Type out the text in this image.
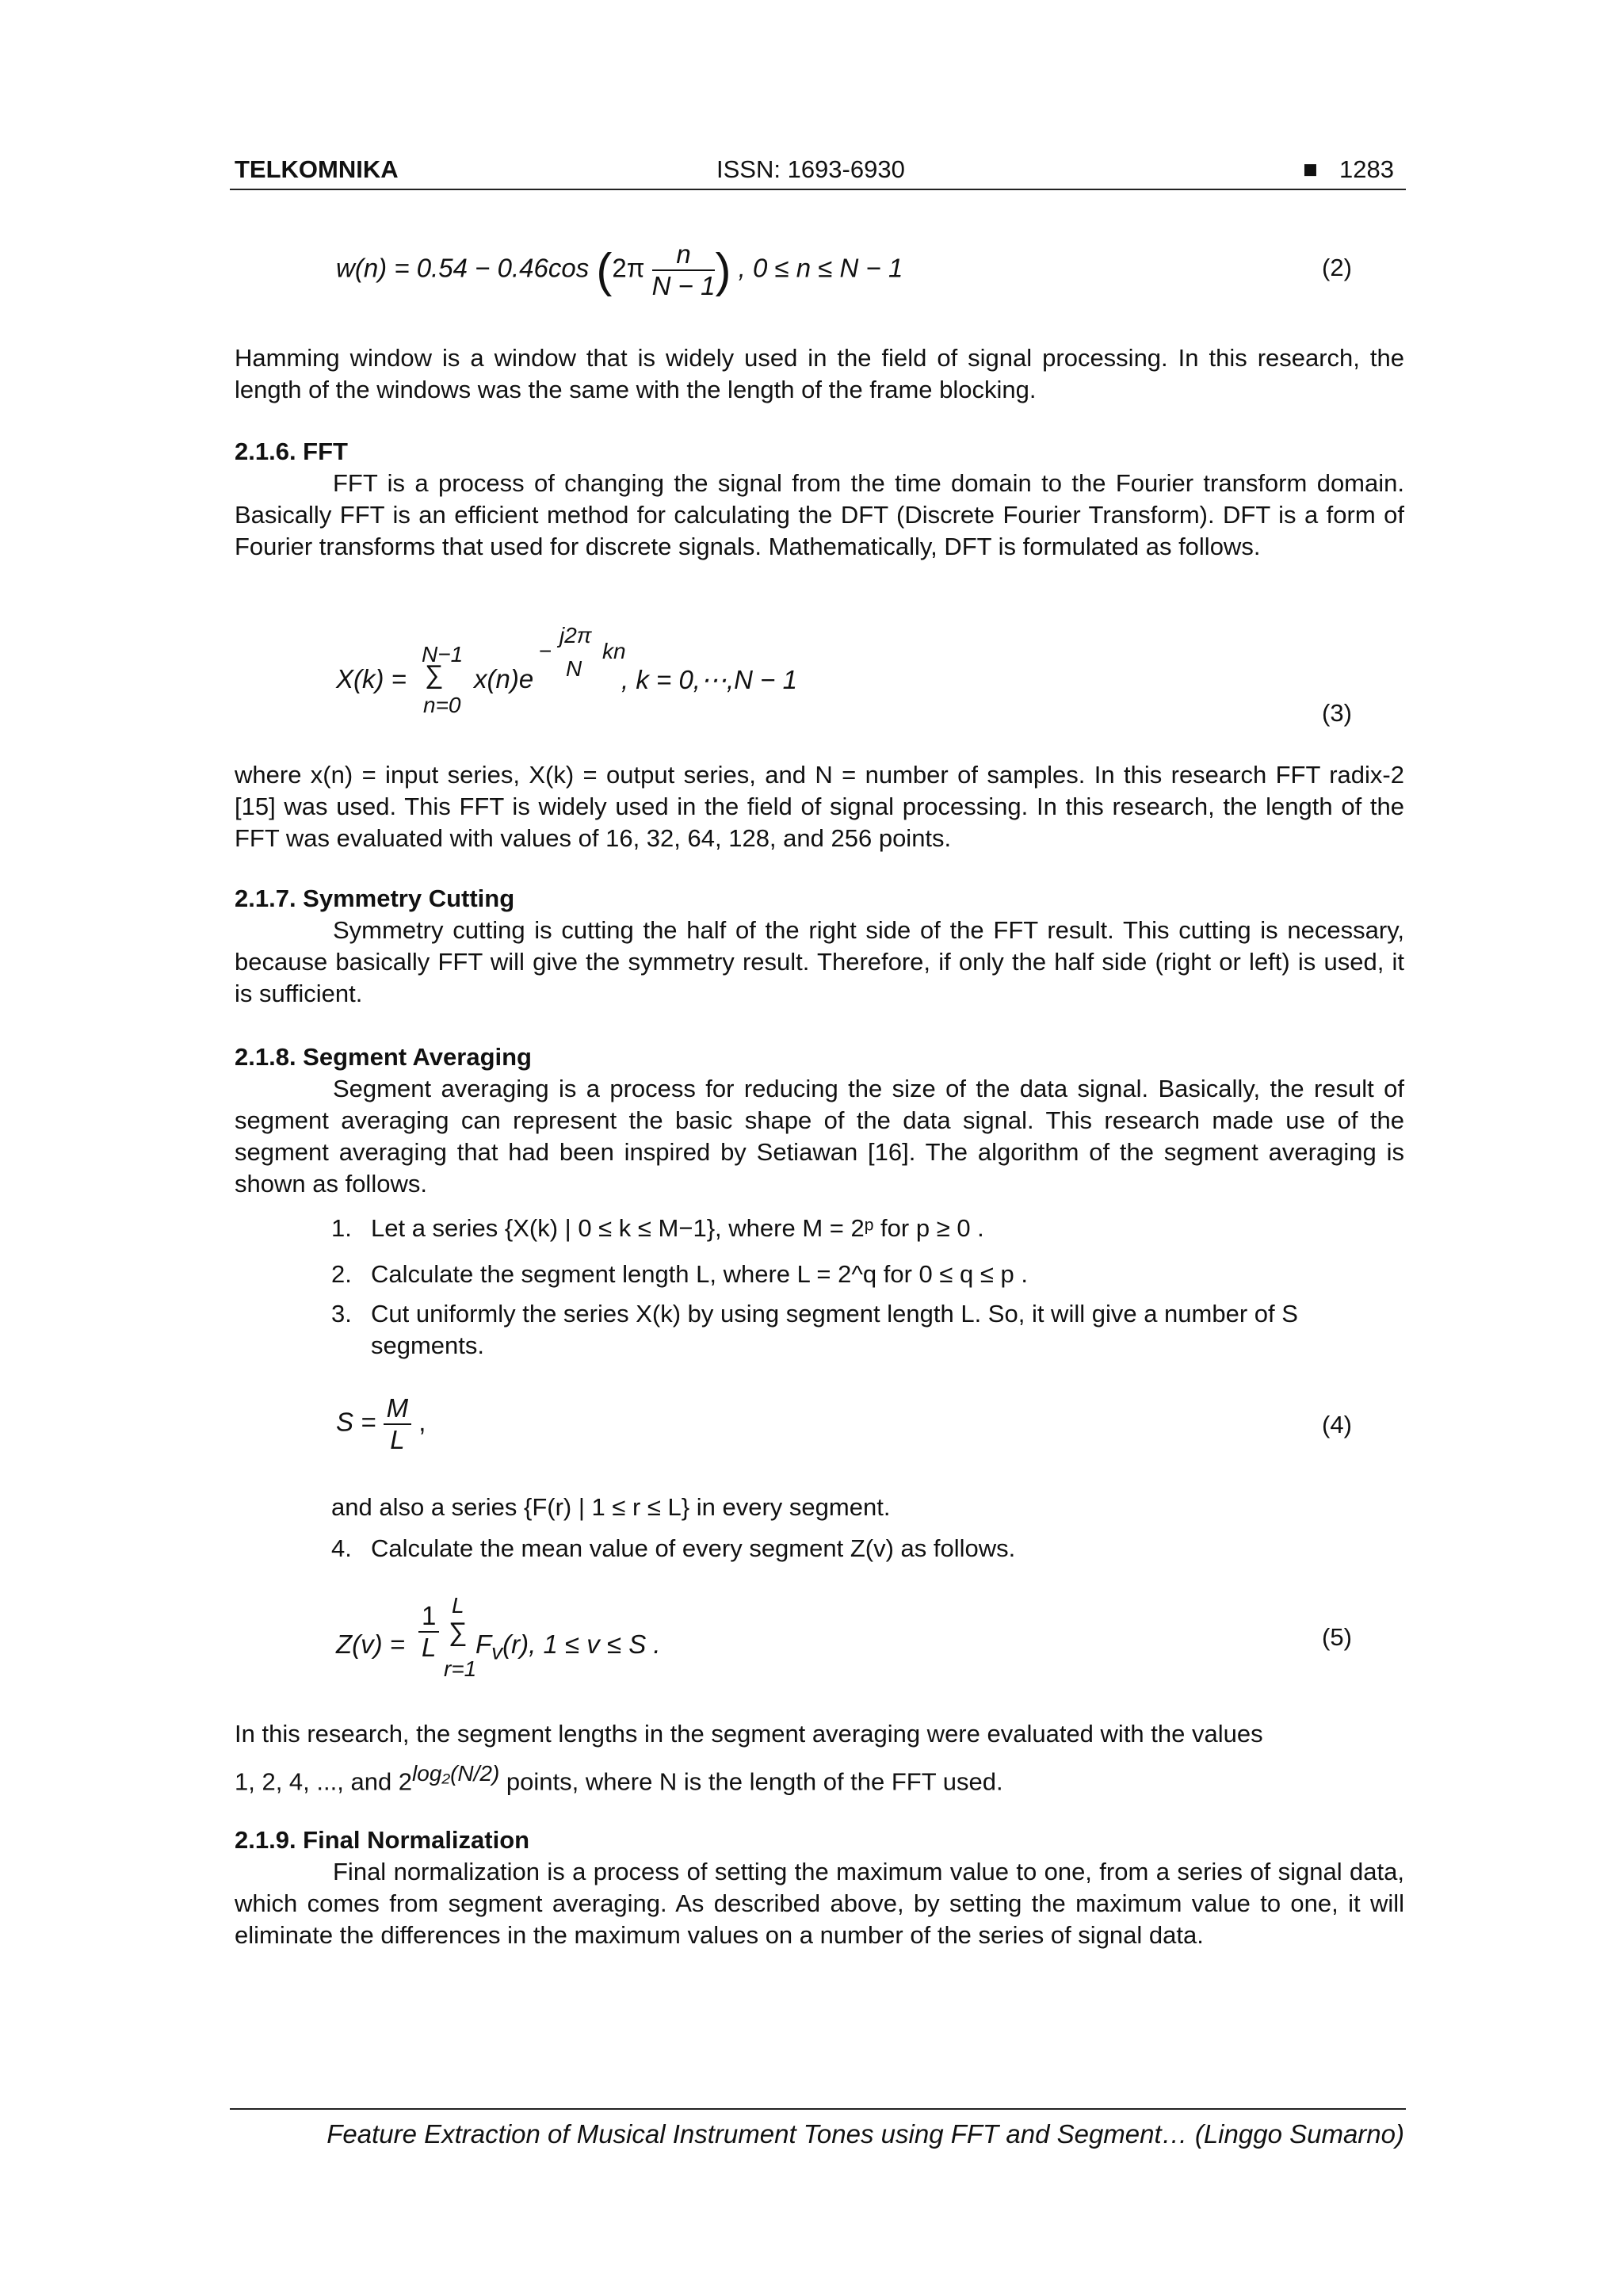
TELKOMNIKA	ISSN: 1693-6930	■ 1283
w(n) = 0.54 − 0.46cos ($2\pi \frac{n}{N - 1}$ ) , 0 ≤ n ≤ N − 1	(2)
Hamming window is a window that is widely used in the field of signal processing. In this research, the length of the windows was the same with the length of the frame blocking.
2.1.6. FFT
FFT is a process of changing the signal from the time domain to the Fourier transform domain. Basically FFT is an efficient method for calculating the DFT (Discrete Fourier Transform). DFT is a form of Fourier transforms that used for discrete signals. Mathematically, DFT is formulated as follows.
X(k) =
N−1
∑
n=0
x(n)e
−
j2π
N
kn
, k = 0,⋯,N − 1
(3)
where x(n) = input series, X(k) = output series, and N = number of samples. In this research FFT radix-2 [15] was used. This FFT is widely used in the field of signal processing. In this research, the length of the FFT was evaluated with values of 16, 32, 64, 128, and 256 points.
2.1.7. Symmetry Cutting
Symmetry cutting is cutting the half of the right side of the FFT result. This cutting is necessary, because basically FFT will give the symmetry result. Therefore, if only the half side (right or left) is used, it is sufficient.
2.1.8. Segment Averaging
Segment averaging is a process for reducing the size of the data signal. Basically, the result of segment averaging can represent the basic shape of the data signal. This research made use of the segment averaging that had been inspired by Setiawan [16]. The algorithm of the segment averaging is shown as follows.
1. Let a series {X(k) | 0 ≤ k ≤ M−1}, where M = 2ᵖ for p ≥ 0 .
2. Calculate the segment length L, where L = 2^q for 0 ≤ q ≤ p .
3. Cut uniformly the series X(k) by using segment length L. So, it will give a number of S segments.
$S = \frac{M}{L}$ ,	(4)
and also a series {F(r) | 1 ≤ r ≤ L} in every segment.
4. Calculate the mean value of every segment Z(v) as follows.
$Z(v) = \frac{1}{L}$ L
∑
r=1
$F_v(r)$, 1 ≤ v ≤ S .	(5)
In this research, the segment lengths in the segment averaging were evaluated with the values
1, 2, 4, ..., and $2^{log_2(N/2)}$ points, where N is the length of the FFT used.
2.1.9. Final Normalization
Final normalization is a process of setting the maximum value to one, from a series of signal data, which comes from segment averaging. As described above, by setting the maximum value to one, it will eliminate the differences in the maximum values on a number of the series of signal data.
Feature Extraction of Musical Instrument Tones using FFT and Segment… (Linggo Sumarno)
